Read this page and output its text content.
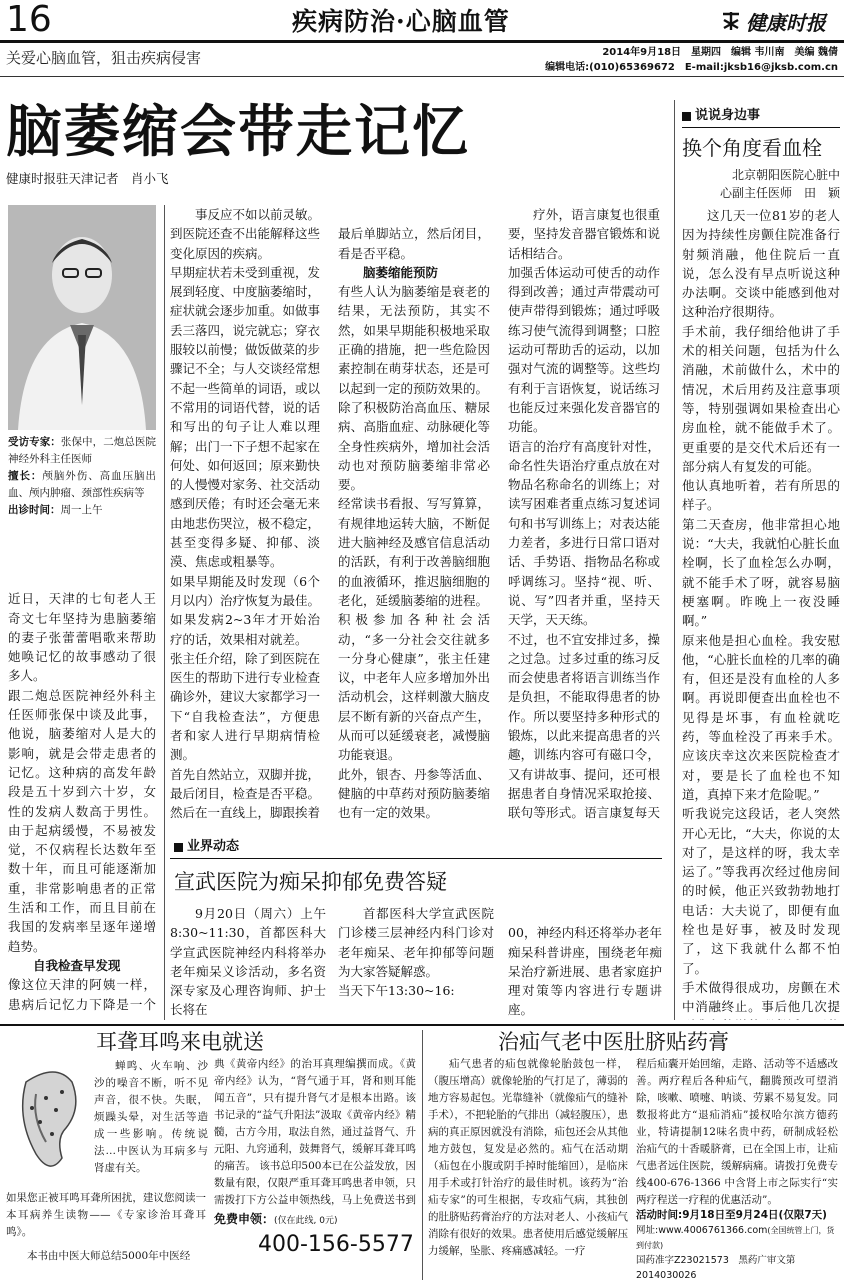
16	疾病防治·心脑血管	健康时报
关爱心脑血管，狙击疾病侵害	2014年9月18日　星期四　编辑 韦川南　美编 魏倩
编辑电话:(010)65369672　E-mail:jksb16@jksb.com.cn
脑萎缩会带走记忆
健康时报驻天津记者　肖小飞
说说身边事
换个角度看血栓
北京朝阳医院心脏中
心副主任医师　田　颖
这几天一位81岁的老人因为持续性房颤住院准备行射频消融，他住院后一直说，怎么没有早点听说这种办法啊。交谈中能感到他对这种治疗很期待。
手术前，我仔细给他讲了手术的相关问题，包括为什么消融，术前做什么，术中的情况，术后用药及注意事项等，特别强调如果检查出心房血栓，就不能做手术了。更重要的是交代术后还有一部分病人有复发的可能。
他认真地听着，若有所思的样子。
第二天查房，他非常担心地说：“大夫，我就怕心脏长血栓啊，长了血栓怎么办啊，就不能手术了呀，就容易脑梗塞啊。昨晚上一夜没睡啊。”
原来他是担心血栓。我安慰他，“心脏长血栓的几率的确有，但还是没有血栓的人多啊。再说即便查出血栓也不见得是坏事，有血栓就吃药，等血栓没了再来手术。应该庆幸这次来医院检查才对，要是长了血栓也不知道，真掉下来才危险呢。”
听我说完这段话，老人突然开心无比，“大夫，你说的太对了，是这样的呀，我太幸运了。”等我再次经过他房间的时候，他正兴致勃勃地打电话：大夫说了，即便有血栓也是好事，被及时发现了，这下我就什么都不怕了。
手术做得很成功，房颤在术中消融终止。事后他几次提
受访专家：张保中，二炮总医院神经外科主任医师
擅长：颅脑外伤、高血压脑出血、颅内肿瘤、颈部性疾病等
出诊时间：周一上午

近日，天津的七旬老人王奇文七年坚持为患脑萎缩的妻子张蕾蕾唱歌来帮助她唤记忆的故事感动了很多人。
跟二炮总医院神经外科主任医师张保中谈及此事，他说，脑萎缩对人是大的影响，就是会带走患者的记忆。这种病的高发年龄段是五十岁到六十岁，女性的发病人数高于男性。由于起病缓慢，不易被发觉，不仅病程长达数年至数十年，而且可能逐渐加重，非常影响患者的正常生活和工作，而且目前在我国的发病率呈逐年递增趋势。

自我检查早发现
像这位天津的阿姨一样，患病后记忆力下降是一个

事反应不如以前灵敏。到医院还查不出能解释这些变化原因的疾病。
早期症状若未受到重视，发展到轻度、中度脑萎缩时，症状就会逐步加重。如做事丢三落四，说完就忘；穿衣服较以前慢；做饭做菜的步骤记不全；与人交谈经常想不起一些简单的词语，或以不常用的词语代替，说的话和写出的句子让人难以理解；出门一下子想不起家在何处、如何返回；原来勤快的人慢慢对家务、社交活动感到厌倦；有时还会毫无来由地悲伤哭泣，极不稳定，甚至变得多疑、抑郁、淡漠、焦虑或粗暴等。
如果早期能及时发现（6个月以内）治疗恢复为最佳。如果发病2~3年才开始治疗的话，效果相对就差。
张主任介绍，除了到医院在医生的帮助下进行专业检查确诊外，建议大家都学习一下“自我检查法”，方便患者和家人进行早期病情检测。
首先自然站立，双脚并拢，最后闭目，检查是否平稳。然后在一直线上，脚跟挨着

最后单脚站立，然后闭目，看是否平稳。

脑萎缩能预防
有些人认为脑萎缩是衰老的结果，无法预防，其实不然，如果早期能积极地采取正确的措施，把一些危险因素控制在萌芽状态，还是可以起到一定的预防效果的。
除了积极防治高血压、糖尿病、高脂血症、动脉硬化等全身性疾病外，增加社会活动也对预防脑萎缩非常必要。
经常读书看报、写写算算，有规律地运转大脑，不断促进大脑神经及感官信息活动的活跃，有利于改善脑细胞的血液循环，推迟脑细胞的老化，延缓脑萎缩的进程。
积极参加各种社会活动，“多一分社会交往就多一分身心健康”，张主任建议，中老年人应多增加外出活动机会，这样刺激大脑皮层不断有新的兴奋点产生，从而可以延缓衰老，减慢脑功能衰退。
此外，银杏、丹参等活血、健脑的中草药对预防脑萎缩也有一定的效果。

疗外，语言康复也很重要，坚持发音器官锻炼和说话相结合。
加强舌体运动可使舌的动作得到改善；通过声带震动可使声带得到锻炼；通过呼吸练习使气流得到调整；口腔运动可帮助舌的运动，以加强对气流的调整等。这些均有利于言语恢复，说话练习也能反过来强化发音器官的功能。
语言的治疗有高度针对性，命名性失语治疗重点放在对物品名称命名的训练上；对读写困难者重点练习复述词句和书写训练上；对表达能力差者，多进行日常口语对话、手势语、指物品名称或呼调练习。坚持“视、听、说、写”四者并重，坚持天天学，天天练。
不过，也不宜安排过多，操之过急。过多过重的练习反而会使患者将语言训练当作是负担，不能取得患者的协作。所以要坚持多种形式的锻炼，以此来提高患者的兴趣，训练内容可有磁口令，又有讲故事、提问，还可根据患者自身情况采取抢接、联句等形式。语言康复每天
业界动态
宣武医院为痴呆抑郁免费答疑
9月20日（周六）上午8:30~11:30，首都医科大学宣武医院神经内科将举办老年痴呆义诊活动，多名资深专家及心理咨询师、护士长将在
首都医科大学宣武医院门诊楼三层神经内科门诊对老年痴呆、老年抑郁等问题为大家答疑解惑。
当天下午13:30~16:

00，神经内科还将举办老年痴呆科普讲座，围绕老年痴呆治疗新进展、患者家庭护理对策等内容进行专题讲座。

耳聋耳鸣来电就送
蝉鸣、火车响、沙沙的噪音不断，听不见声音，很不快。失眠，烦躁头晕，对生活等造成一些影响。传统说法…中医认为耳病多与肾虚有关。
如果您正被耳鸣耳聋所困扰，建议您阅读一本耳病养生读物——《专家诊治耳聋耳鸣》。
本书由中医大师总结5000年中医经
典《黄帝内经》的治耳真理编撰而成。《黄帝内经》认为，“肾气通于耳，肾和则耳能闻五音”，只有提升肾气才是根本出路。该书记录的“益气升阳法”汲取《黄帝内经》精髓，古方今用，取法自然，通过益肾气、升元阳、九窍通利，鼓舞肾气，缓解耳聋耳鸣的痛苦。 该书总印500本已在公益发放，因数量有限，仅限严重耳聋耳鸣患者申领，只需拨打下方公益申领热线，马上免费送书到
免费申领：(仅在此线, 0元)
400-156-5577
治疝气老中医肚脐贴药膏
疝气患者的疝包就像轮胎鼓包一样，（腹压增高）就像轮胎的气打足了，薄弱的地方容易起包。光靠缝补（就像疝气的缝补手术），不把轮胎的气排出（减轻腹压），患病的真正原因就没有消除，疝包还会从其他地方鼓包，复发是必然的。疝气在活动期（疝包在小腹或阴手掉时能缩回），是临床用手术或打针治疗的最佳时机。该药为“治疝专家”的可生根据，专攻疝气病，其独创的肚脐贴药膏治疗的方法对老人、小孩疝气消除有很好的效果。患者使用后感觉缓解压力缓解，坠胀、疼痛感减轻。一疗
程后疝囊开始回缩，走路、活动等不适感改善。两疗程后各种疝气，翻腾预改可望消除，咳嗽、喷嚏、呐谈、劳累不易复发。同数报将此方“退疝消疝”援权哈尔滨方德药业，特请提制12味名贵中药，研制成轻松治疝气的十香暖脐膏，已在全国上市，让疝气患者远住医院，缓解病痛。请拨打免费专线400-676-1366 中含肾上市之际实行“实两疗程送一疗程的优惠活动”。
活动时间:9月18日至9月24日(仅限7天)
网址:www.4006761366.com(全国统管上门，货到付款)
国药准字Z23021573　 黑药广审文第2014030026
